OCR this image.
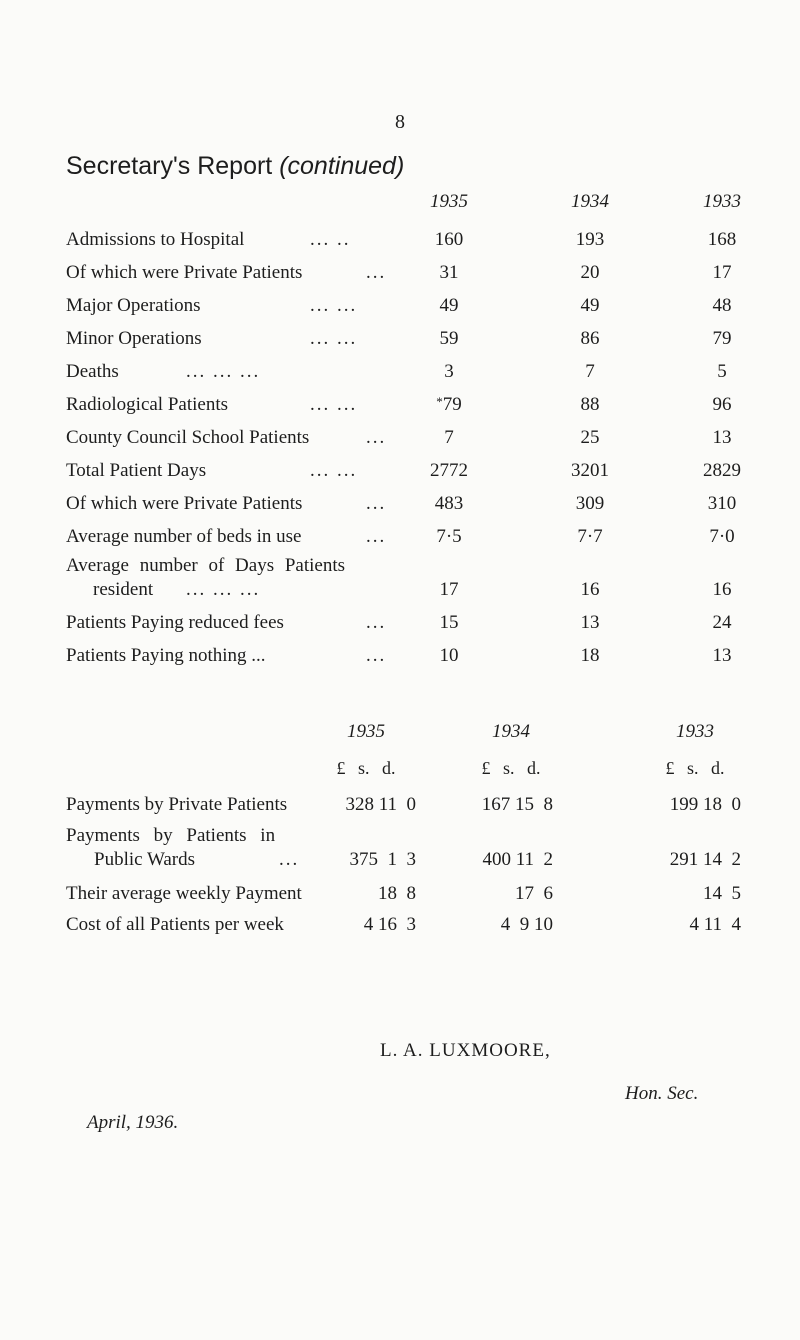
8
Secretary's Report (continued)
1935	1934	1933
Admissions to Hospital	... ..	160	193	168
Of which were Private Patients	...	31	20	17
Major Operations	... ...	49	49	48
Minor Operations	... ...	59	86	79
Deaths	... ... ...	3	7	5
Radiological Patients	... ...	*79	88	96
County Council School Patients	...	7	25	13
Total Patient Days	... ...	2772	3201	2829
Of which were Private Patients	...	483	309	310
Average number of beds in use	...	7·5	7·7	7·0
Average number of Days Patients
resident ... ... ...	17	16	16
Patients Paying reduced fees	...	15	13	24
Patients Paying nothing ...	...	10	18	13
1935	1934	1933
£ s. d.	£ s. d.	£ s. d.
Payments by Private Patients	328 11  0	167 15  8	199 18  0
Payments by Patients in
Public Wards	...	375  1  3	400 11  2	291 14  2
Their average weekly Payment	18  8	17  6	14  5
Cost of all Patients per week	4 16  3	4  9 10	4 11  4
L. A. LUXMOORE,
Hon. Sec.
April, 1936.
